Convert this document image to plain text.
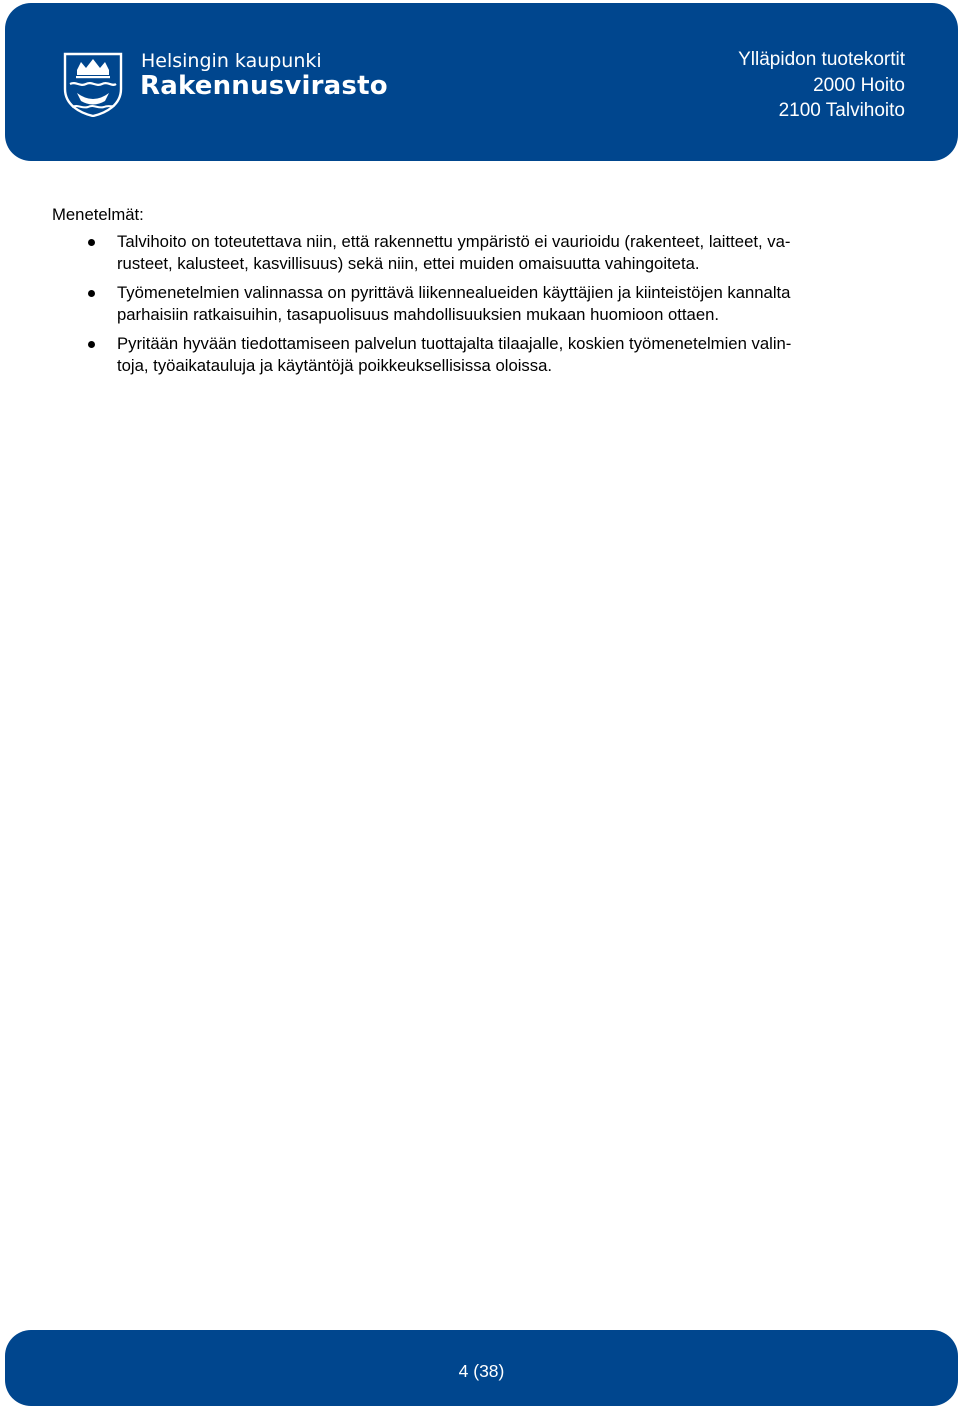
Helsingin kaupunki
Rakennusvirasto
Ylläpidon tuotekortit
2000 Hoito
2100 Talvihoito
Menetelmät:
Talvihoito on toteutettava niin, että rakennettu ympäristö ei vaurioidu (rakenteet, laitteet, va-
rusteet, kalusteet, kasvillisuus) sekä niin, ettei muiden omaisuutta vahingoiteta.
Työmenetelmien valinnassa on pyrittävä liikennealueiden käyttäjien ja kiinteistöjen kannalta
parhaisiin ratkaisuihin, tasapuolisuus mahdollisuuksien mukaan huomioon ottaen.
Pyritään hyvään tiedottamiseen palvelun tuottajalta tilaajalle, koskien työmenetelmien valin-
toja, työaikatauluja ja käytäntöjä poikkeuksellisissa oloissa.
4 (38)
